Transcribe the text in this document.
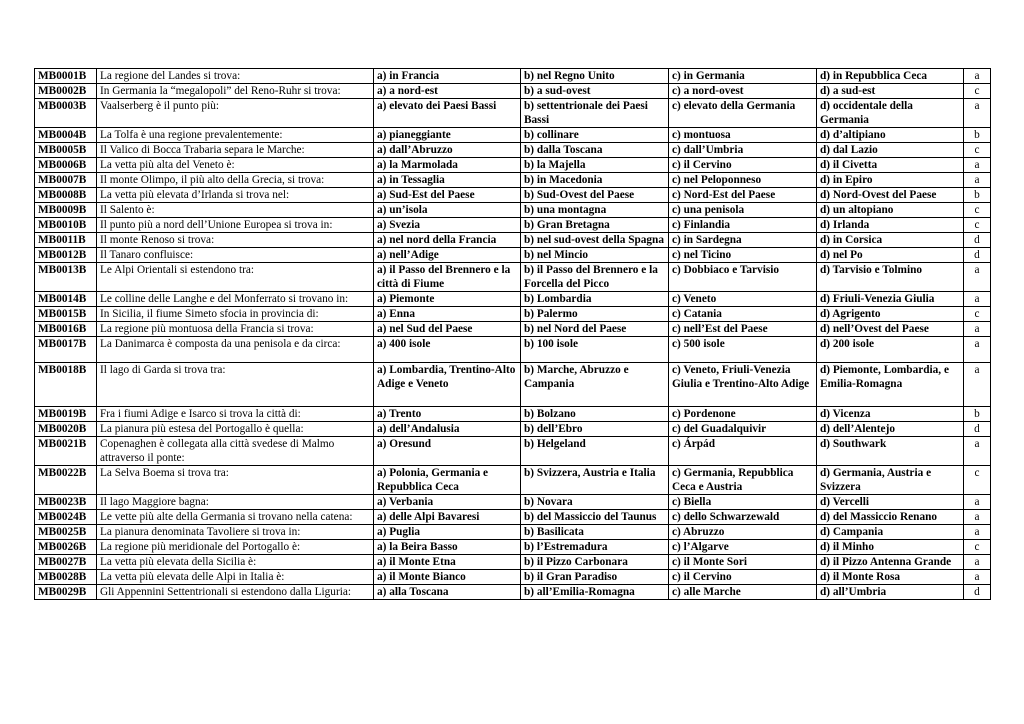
MB0001B	La regione del Landes si trova:	a) in Francia	b) nel Regno Unito	c) in Germania	d) in Repubblica Ceca	a
MB0002B	In Germania la “megalopoli” del Reno-Ruhr si trova:	a) a nord-est	b) a sud-ovest	c) a nord-ovest	d) a sud-est	c
MB0003B	Vaalserberg è il punto più:	a) elevato dei Paesi Bassi	b) settentrionale dei Paesi Bassi	c) elevato della Germania	d) occidentale della Germania	a
MB0004B	La Tolfa è una regione prevalentemente:	a) pianeggiante	b) collinare	c) montuosa	d) d’altipiano	b
MB0005B	Il Valico di Bocca Trabaria separa le Marche:	a) dall’Abruzzo	b) dalla Toscana	c) dall’Umbria	d) dal Lazio	c
MB0006B	La vetta più alta del Veneto è:	a) la Marmolada	b) la Majella	c) il Cervino	d) il Civetta	a
MB0007B	Il monte Olimpo, il più alto della Grecia, si trova:	a) in Tessaglia	b) in Macedonia	c) nel Peloponneso	d) in Epiro	a
MB0008B	La vetta più elevata d’Irlanda si trova nel:	a) Sud-Est del Paese	b) Sud-Ovest del Paese	c) Nord-Est del Paese	d) Nord-Ovest del Paese	b
MB0009B	Il Salento è:	a) un’isola	b) una montagna	c) una penisola	d) un altopiano	c
MB0010B	Il punto più a nord dell’Unione Europea si trova in:	a) Svezia	b) Gran Bretagna	c) Finlandia	d) Irlanda	c
MB0011B	Il monte Renoso si trova:	a) nel nord della Francia	b) nel sud-ovest della Spagna	c) in Sardegna	d) in Corsica	d
MB0012B	Il Tanaro confluisce:	a) nell’Adige	b) nel Mincio	c) nel Ticino	d) nel Po	d
MB0013B	Le Alpi Orientali si estendono tra:	a) il Passo del Brennero e la città di Fiume	b) il Passo del Brennero e la Forcella del Picco	c) Dobbiaco e Tarvisio	d) Tarvisio e Tolmino	a
MB0014B	Le colline delle Langhe e del Monferrato si trovano in:	a) Piemonte	b) Lombardia	c) Veneto	d) Friuli-Venezia Giulia	a
MB0015B	In Sicilia, il fiume Simeto sfocia in provincia di:	a) Enna	b) Palermo	c) Catania	d) Agrigento	c
MB0016B	La regione più montuosa della Francia si trova:	a) nel Sud del Paese	b) nel Nord del Paese	c) nell’Est del Paese	d) nell’Ovest del Paese	a
MB0017B	La Danimarca è composta da una penisola e da circa:	a) 400 isole	b) 100 isole	c) 500 isole	d) 200 isole	a
MB0018B	Il lago di Garda si trova tra:	a) Lombardia, Trentino-Alto Adige e Veneto	b) Marche, Abruzzo e Campania	c) Veneto, Friuli-Venezia Giulia e Trentino-Alto Adige	d) Piemonte, Lombardia, e Emilia-Romagna	a
MB0019B	Fra i fiumi Adige e Isarco si trova la città di:	a) Trento	b) Bolzano	c) Pordenone	d) Vicenza	b
MB0020B	La pianura più estesa del Portogallo è quella:	a) dell’Andalusia	b) dell’Ebro	c) del Guadalquivir	d) dell’Alentejo	d
MB0021B	Copenaghen è collegata alla città svedese di Malmo attraverso il ponte:	a) Oresund	b) Helgeland	c) Árpád	d) Southwark	a
MB0022B	La Selva Boema si trova tra:	a) Polonia, Germania e Repubblica Ceca	b) Svizzera, Austria e Italia	c) Germania, Repubblica Ceca e Austria	d) Germania, Austria e Svizzera	c
MB0023B	Il lago Maggiore bagna:	a) Verbania	b) Novara	c) Biella	d) Vercelli	a
MB0024B	Le vette più alte della Germania si trovano nella catena:	a) delle Alpi Bavaresi	b) del Massiccio del Taunus	c) dello Schwarzewald	d) del Massiccio Renano	a
MB0025B	La pianura denominata Tavoliere si trova in:	a) Puglia	b) Basilicata	c) Abruzzo	d) Campania	a
MB0026B	La regione più meridionale del Portogallo è:	a) la Beira Basso	b) l’Estremadura	c) l’Algarve	d) il Minho	c
MB0027B	La vetta più elevata della Sicilia è:	a) il Monte Etna	b) il Pizzo Carbonara	c) il Monte Sori	d) il Pizzo Antenna Grande	a
MB0028B	La vetta più elevata delle Alpi in Italia è:	a) il Monte Bianco	b) il Gran Paradiso	c) il Cervino	d) il Monte Rosa	a
MB0029B	Gli Appennini Settentrionali si estendono dalla Liguria:	a) alla Toscana	b) all’Emilia-Romagna	c) alle Marche	d) all’Umbria	d
